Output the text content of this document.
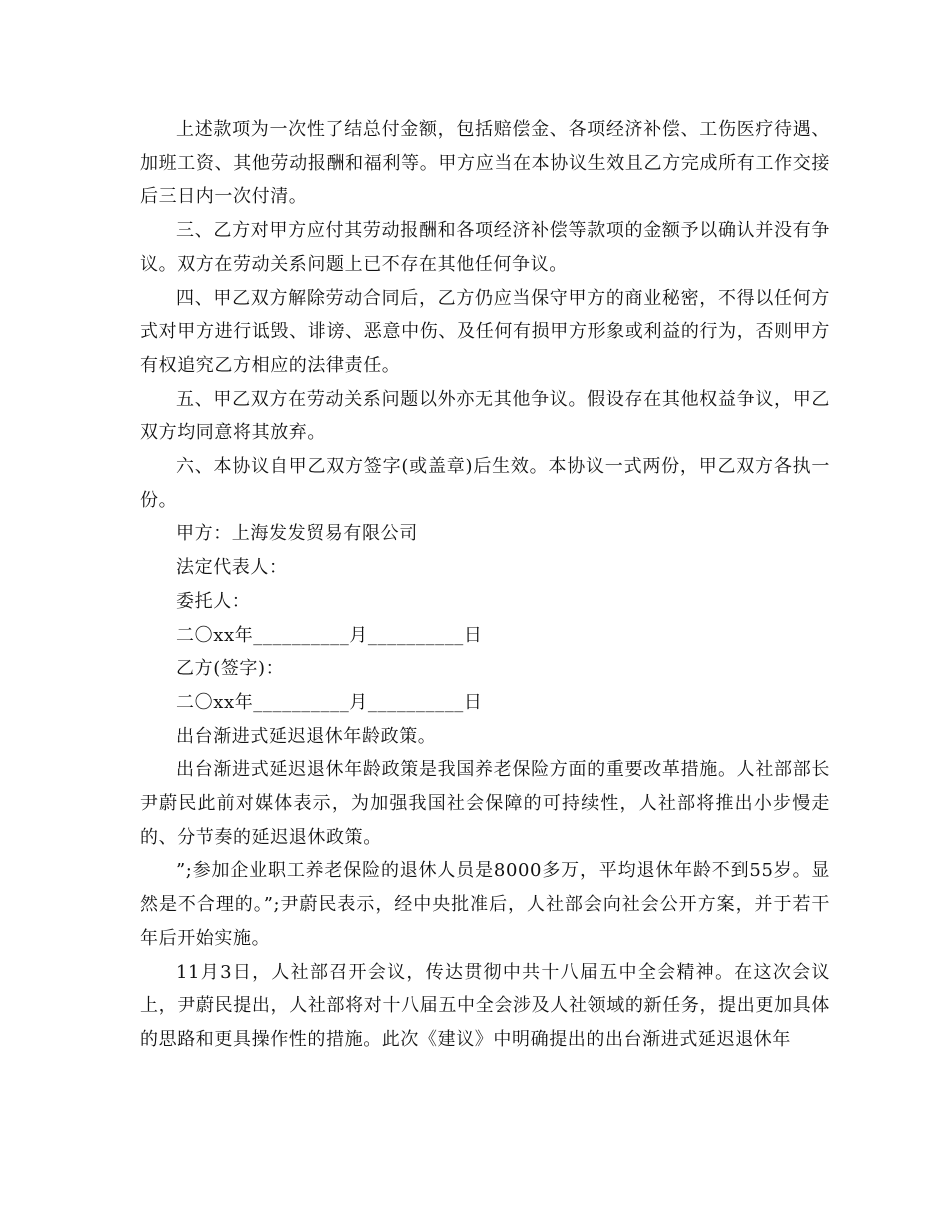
上述款项为一次性了结总付金额，包括赔偿金、各项经济补偿、工伤医疗待遇、加班工资、其他劳动报酬和福利等。甲方应当在本协议生效且乙方完成所有工作交接后三日内一次付清。

三、乙方对甲方应付其劳动报酬和各项经济补偿等款项的金额予以确认并没有争议。双方在劳动关系问题上已不存在其他任何争议。

四、甲乙双方解除劳动合同后，乙方仍应当保守甲方的商业秘密，不得以任何方式对甲方进行诋毁、诽谤、恶意中伤、及任何有损甲方形象或利益的行为，否则甲方有权追究乙方相应的法律责任。

五、甲乙双方在劳动关系问题以外亦无其他争议。假设存在其他权益争议，甲乙双方均同意将其放弃。

六、本协议自甲乙双方签字(或盖章)后生效。本协议一式两份，甲乙双方各执一份。

甲方：上海发发贸易有限公司

法定代表人：

委托人：

二〇xx年__________月__________日

乙方(签字)：

二〇xx年__________月__________日

出台渐进式延迟退休年龄政策。

出台渐进式延迟退休年龄政策是我国养老保险方面的重要改革措施。人社部部长尹蔚民此前对媒体表示，为加强我国社会保障的可持续性，人社部将推出小步慢走的、分节奏的延迟退休政策。

”;参加企业职工养老保险的退休人员是8000多万，平均退休年龄不到55岁。显然是不合理的。”;尹蔚民表示，经中央批准后，人社部会向社会公开方案，并于若干年后开始实施。

11月3日，人社部召开会议，传达贯彻中共十八届五中全会精神。在这次会议上，尹蔚民提出，人社部将对十八届五中全会涉及人社领域的新任务，提出更加具体的思路和更具操作性的措施。此次《建议》中明确提出的出台渐进式延迟退休年
